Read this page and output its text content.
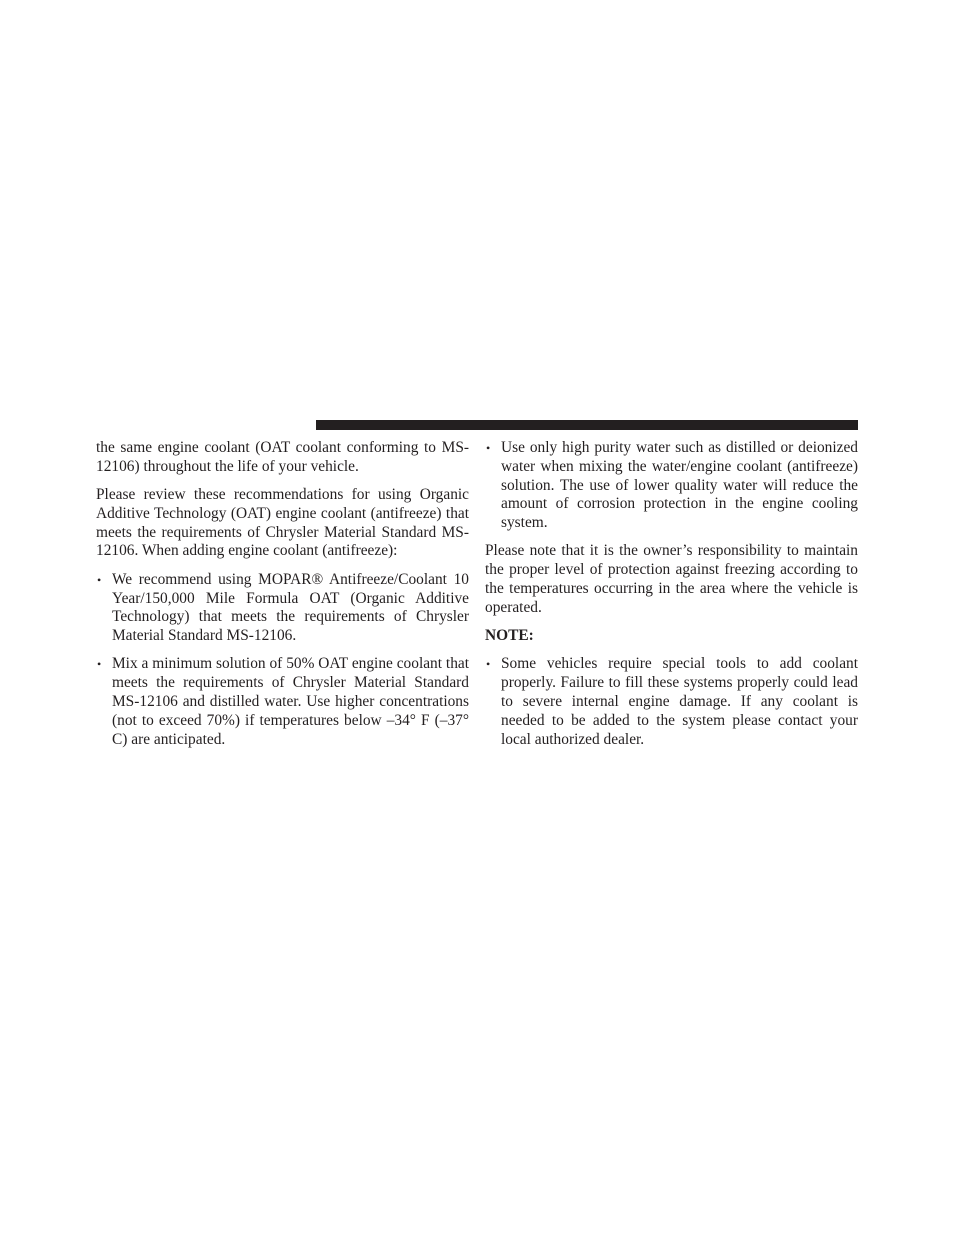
the same engine coolant (OAT coolant conforming to MS-12106) throughout the life of your vehicle.

Please review these recommendations for using Organic Additive Technology (OAT) engine coolant (antifreeze) that meets the requirements of Chrysler Material Standard MS-12106. When adding engine coolant (antifreeze):

• We recommend using MOPAR® Antifreeze/Coolant 10 Year/150,000 Mile Formula OAT (Organic Additive Technology) that meets the requirements of Chrysler Material Standard MS-12106.
• Mix a minimum solution of 50% OAT engine coolant that meets the requirements of Chrysler Material Standard MS-12106 and distilled water. Use higher concentrations (not to exceed 70%) if temperatures below –34° F (–37° C) are anticipated.
• Use only high purity water such as distilled or deionized water when mixing the water/engine coolant (antifreeze) solution. The use of lower quality water will reduce the amount of corrosion protection in the engine cooling system.

Please note that it is the owner’s responsibility to maintain the proper level of protection against freezing according to the temperatures occurring in the area where the vehicle is operated.

NOTE:

• Some vehicles require special tools to add coolant properly. Failure to fill these systems properly could lead to severe internal engine damage. If any coolant is needed to be added to the system please contact your local authorized dealer.
